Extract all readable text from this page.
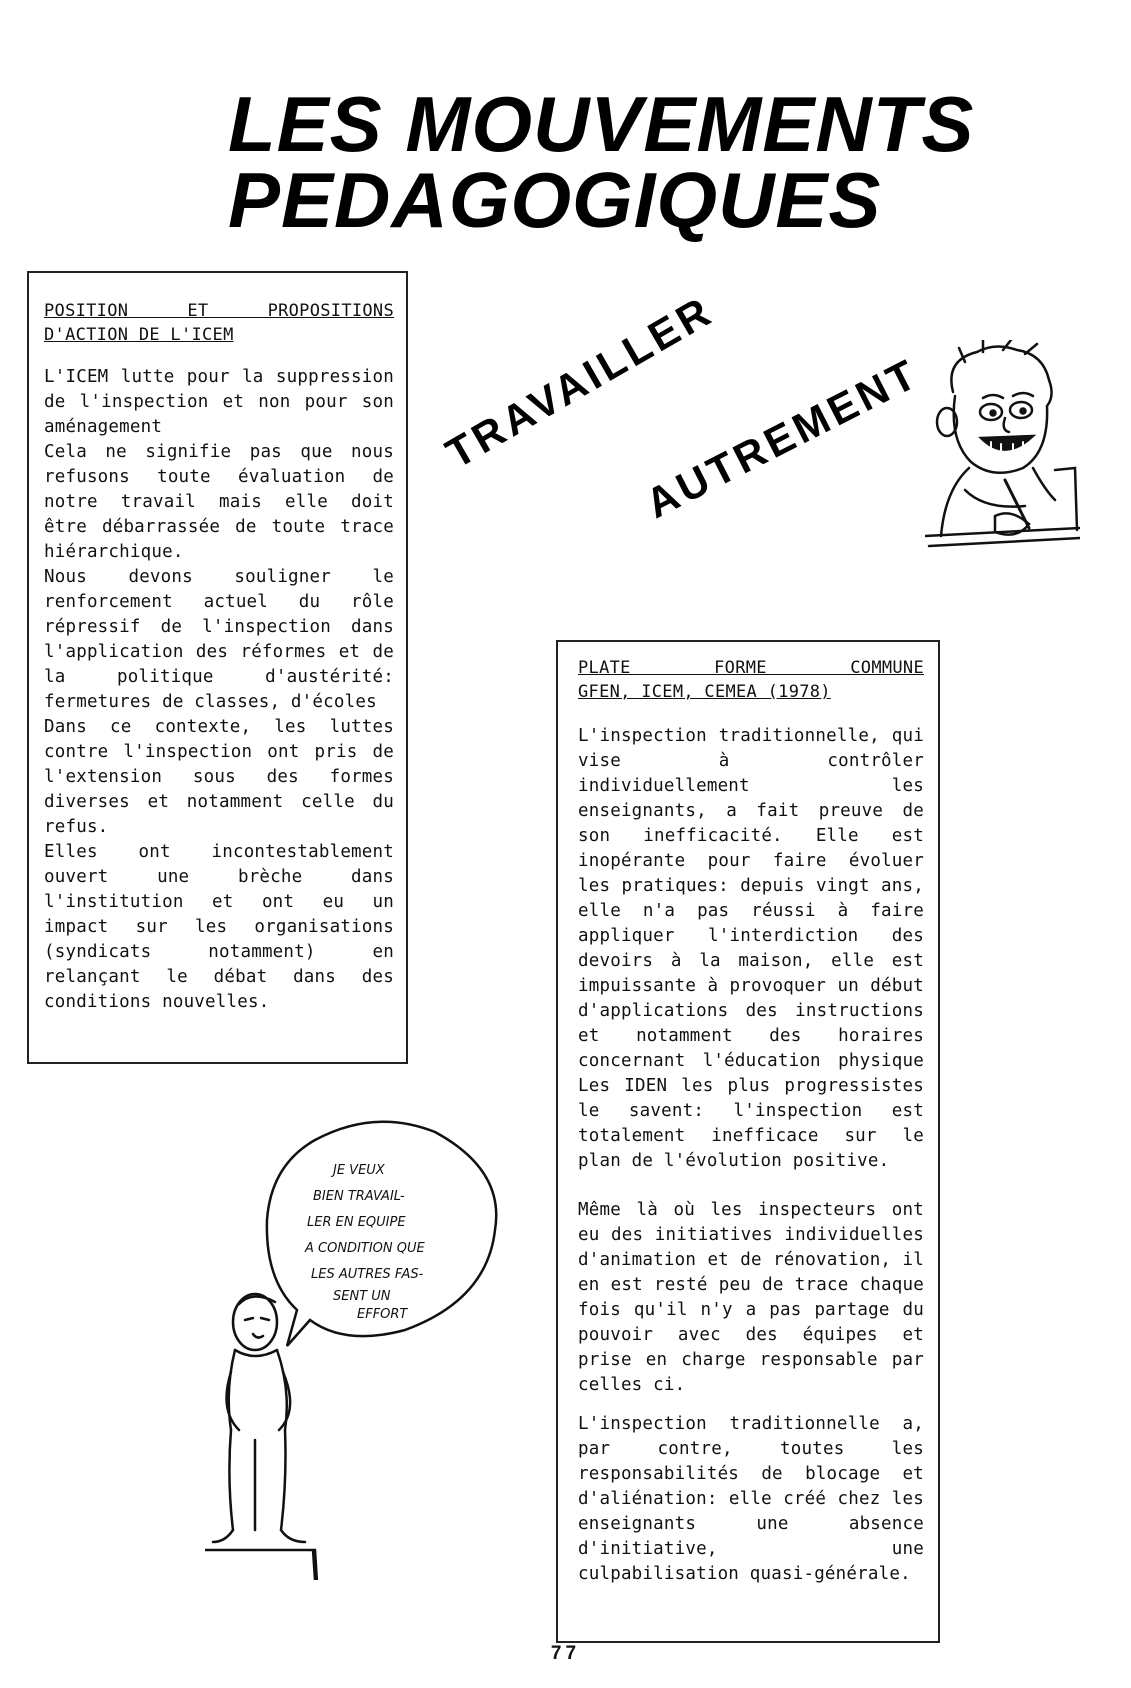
LES MOUVEMENTS
PEDAGOGIQUES
TRAVAILLER
AUTREMENT
POSITION ET PROPOSITIONS
D'ACTION DE L'ICEM

L'ICEM lutte pour la suppression de l'inspection et non pour son aménagement

Cela ne signifie pas que nous refusons toute évaluation de notre travail mais elle doit être débarrassée de toute trace hiérarchique.

Nous devons souligner le renforcement actuel du rôle répressif de l'inspection dans l'application des réformes et de la politique d'austérité: fermetures de classes, d'écoles

Dans ce contexte, les luttes contre l'inspection ont pris de l'extension sous des formes diverses et notamment celle du refus.

Elles ont incontestablement ouvert une brèche dans l'institution et ont eu un impact sur les organisations (syndicats notamment) en relançant le débat dans des conditions nouvelles.

PLATE FORME COMMUNE
GFEN, ICEM, CEMEA (1978)

L'inspection traditionnelle, qui vise à contrôler individuellement les enseignants, a fait preuve de son inefficacité. Elle est inopérante pour faire évoluer les pratiques: depuis vingt ans, elle n'a pas réussi à faire appliquer l'interdiction des devoirs à la maison, elle est impuissante à provoquer un début d'applications des instructions et notamment des horaires concernant l'éducation physique Les IDEN les plus progressistes le savent: l'inspection est totalement inefficace sur le plan de l'évolution positive.

Même là où les inspecteurs ont eu des initiatives individuelles d'animation et de rénovation, il en est resté peu de trace chaque fois qu'il n'y a pas partage du pouvoir avec des équipes et prise en charge responsable par celles ci.

L'inspection traditionnelle a, par contre, toutes les responsabilités de blocage et d'aliénation: elle créé chez les enseignants une absence d'initiative, une culpabilisation quasi-générale.

JE VEUX
BIEN TRAVAIL-
LER EN EQUIPE
A CONDITION QUE
LES AUTRES FAS-
SENT UN
EFFORT
77
